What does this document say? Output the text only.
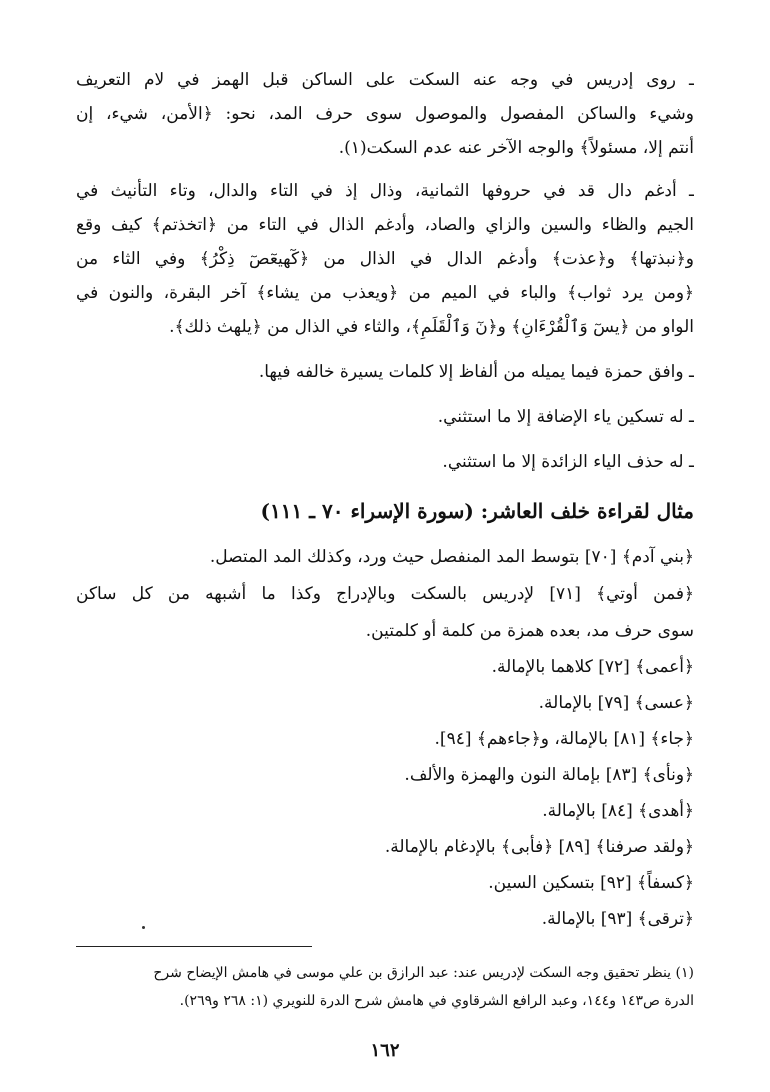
ـ روى إدريس في وجه عنه السكت على الساكن قبل الهمز في لام التعريف
وشيء والساكن المفصول والموصول سوى حرف المد، نحو: ﴿الأمن، شيء، إن
أنتم إلا، مسئولاً﴾ والوجه الآخر عنه عدم السكت(١).
ـ أدغم دال قد في حروفها الثمانية، وذال إذ في التاء والدال، وتاء التأنيث في
الجيم والظاء والسين والزاي والصاد، وأدغم الذال في التاء من ﴿اتخذتم﴾ كيف وقع
و﴿نبذتها﴾ و﴿عذت﴾ وأدغم الدال في الذال من ﴿كٓهيعٓصٓ ذِكْرُ﴾ وفي الثاء من
﴿ومن يرد ثواب﴾ والباء في الميم من ﴿ويعذب من يشاء﴾ آخر البقرة، والنون في
الواو من ﴿يسٓ وَٱلْقُرْءَانِ﴾ و﴿نٓ وَٱلْقَلَمِ﴾، والثاء في الذال من ﴿يلهث ذلك﴾.
ـ وافق حمزة فيما يميله من ألفاظ إلا كلمات يسيرة خالفه فيها.
ـ له تسكين ياء الإضافة إلا ما استثني.
ـ له حذف الياء الزائدة إلا ما استثني.
مثال لقراءة خلف العاشر: (سورة الإسراء ٧٠ ـ ١١١)
﴿بني آدم﴾ [٧٠] بتوسط المد المنفصل حيث ورد، وكذلك المد المتصل.
﴿فمن أوتي﴾ [٧١] لإدريس بالسكت وبالإدراج وكذا ما أشبهه من كل ساكن
سوى حرف مد، بعده همزة من كلمة أو كلمتين.
﴿أعمى﴾ [٧٢] كلاهما بالإمالة.
﴿عسى﴾ [٧٩] بالإمالة.
﴿جاء﴾ [٨١] بالإمالة، و﴿جاءهم﴾ [٩٤].
﴿ونأى﴾ [٨٣] بإمالة النون والهمزة والألف.
﴿أهدى﴾ [٨٤] بالإمالة.
﴿ولقد صرفنا﴾ [٨٩] ﴿فأبى﴾ بالإدغام بالإمالة.
﴿كسفاً﴾ [٩٢] بتسكين السين.
﴿ترقى﴾ [٩٣] بالإمالة.
(١) ينظر تحقيق وجه السكت لإدريس عند: عبد الرازق بن علي موسى في هامش الإيضاح شرح
الدرة ص١٤٣ و١٤٤، وعبد الرافع الشرقاوي في هامش شرح الدرة للنويري (١: ٢٦٨ و٢٦٩).
١٦٢
